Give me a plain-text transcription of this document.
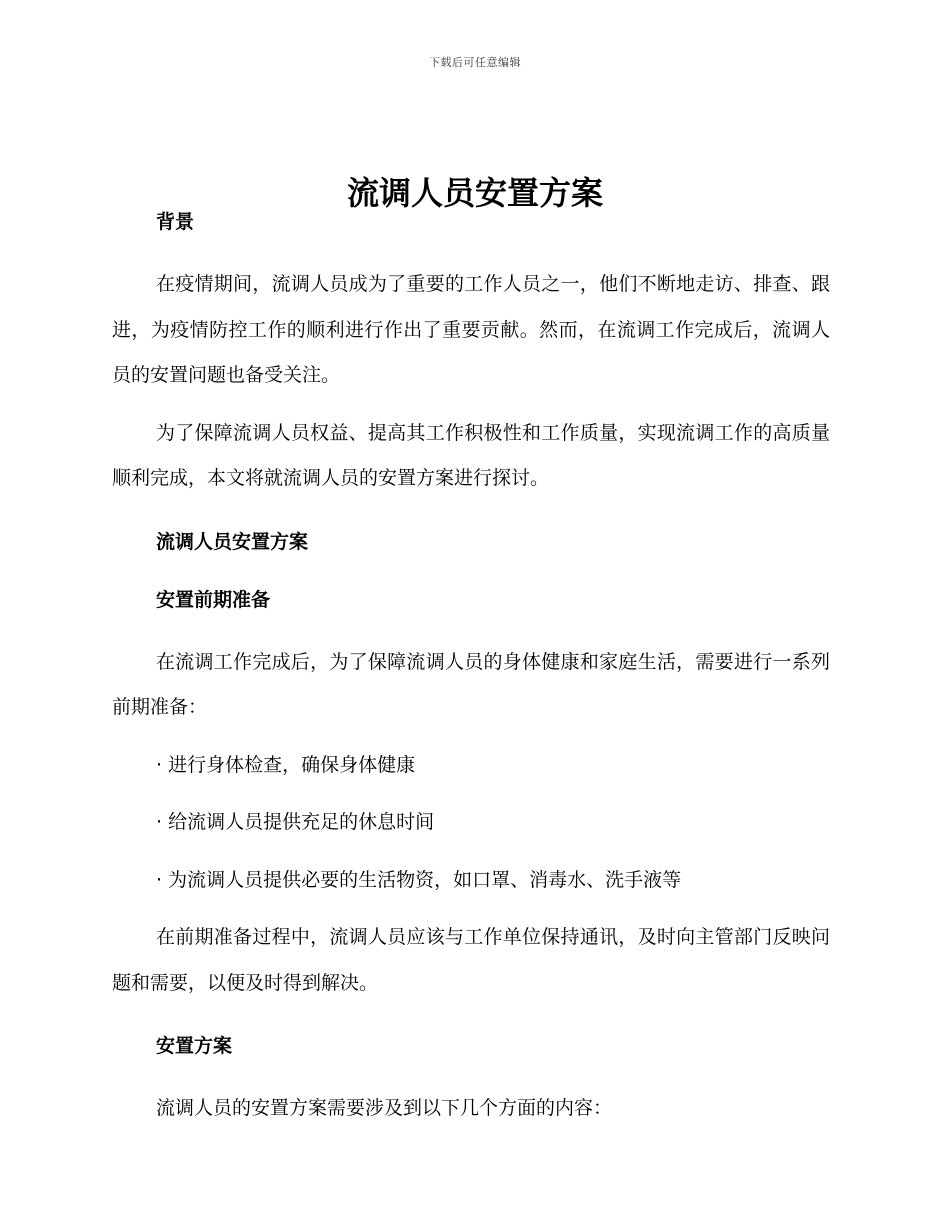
下载后可任意编辑
流调人员安置方案
背景

在疫情期间，流调人员成为了重要的工作人员之一，他们不断地走访、排查、跟进，为疫情防控工作的顺利进行作出了重要贡献。然而，在流调工作完成后，流调人员的安置问题也备受关注。

为了保障流调人员权益、提高其工作积极性和工作质量，实现流调工作的高质量顺利完成，本文将就流调人员的安置方案进行探讨。

流调人员安置方案
安置前期准备

在流调工作完成后，为了保障流调人员的身体健康和家庭生活，需要进行一系列前期准备：

· 进行身体检查，确保身体健康

· 给流调人员提供充足的休息时间

· 为流调人员提供必要的生活物资，如口罩、消毒水、洗手液等

在前期准备过程中，流调人员应该与工作单位保持通讯，及时向主管部门反映问题和需要，以便及时得到解决。

安置方案

流调人员的安置方案需要涉及到以下几个方面的内容：
